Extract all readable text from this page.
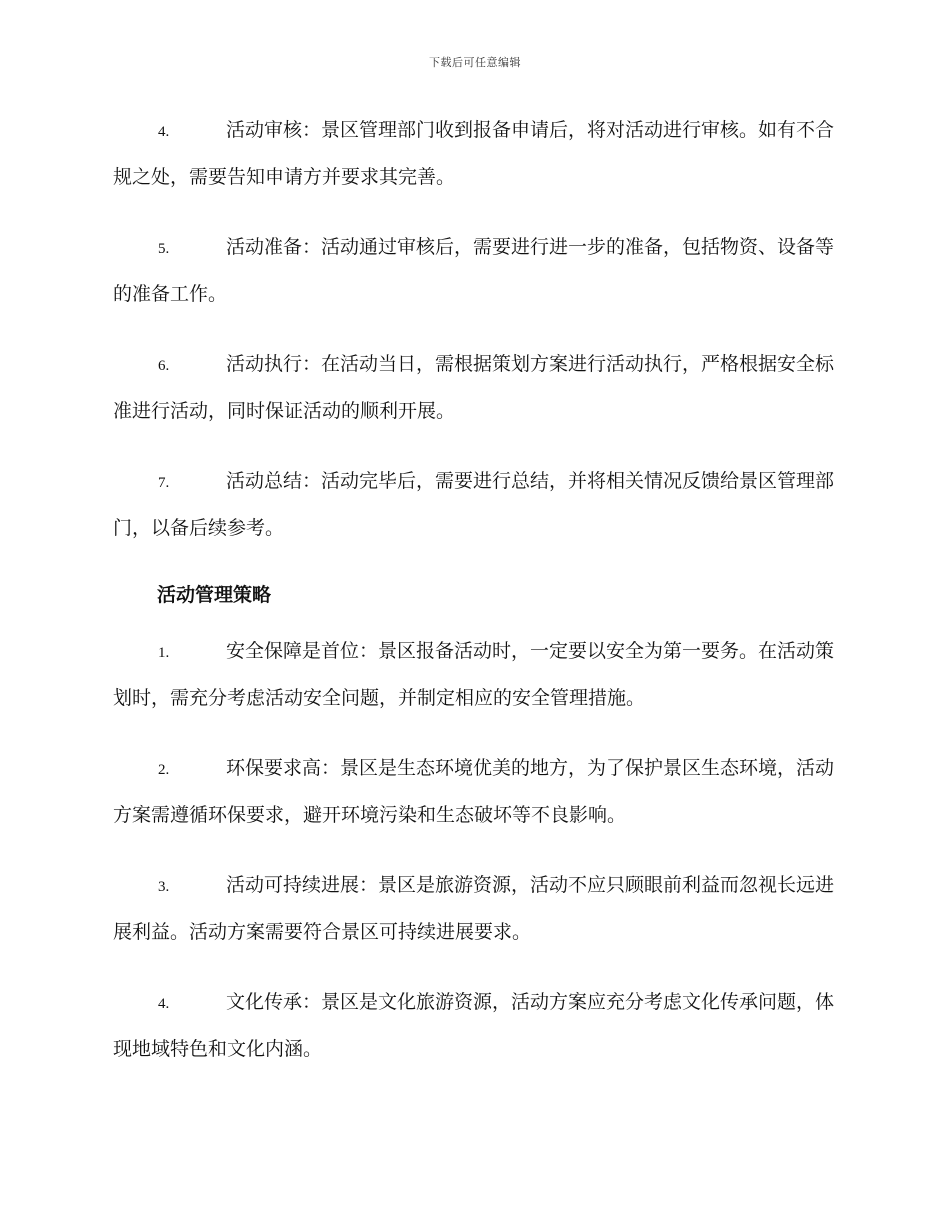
下载后可任意编辑
4.	活动审核：景区管理部门收到报备申请后，将对活动进行审核。如有不合规之处，需要告知申请方并要求其完善。
5.	活动准备：活动通过审核后，需要进行进一步的准备，包括物资、设备等的准备工作。
6.	活动执行：在活动当日，需根据策划方案进行活动执行，严格根据安全标准进行活动，同时保证活动的顺利开展。
7.	活动总结：活动完毕后，需要进行总结，并将相关情况反馈给景区管理部门，以备后续参考。
活动管理策略
1.	安全保障是首位：景区报备活动时，一定要以安全为第一要务。在活动策划时，需充分考虑活动安全问题，并制定相应的安全管理措施。
2.	环保要求高：景区是生态环境优美的地方，为了保护景区生态环境，活动方案需遵循环保要求，避开环境污染和生态破坏等不良影响。
3.	活动可持续进展：景区是旅游资源，活动不应只顾眼前利益而忽视长远进展利益。活动方案需要符合景区可持续进展要求。
4.	文化传承：景区是文化旅游资源，活动方案应充分考虑文化传承问题，体现地域特色和文化内涵。
